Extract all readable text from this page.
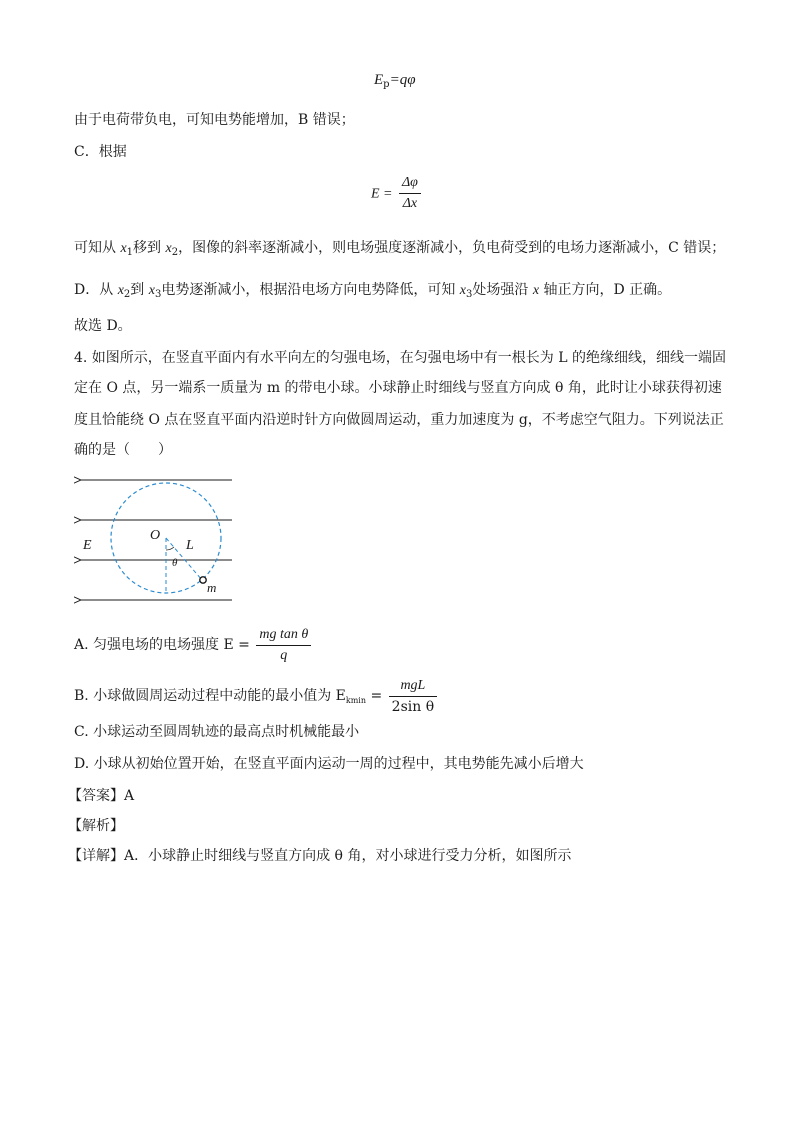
$E_p=q\varphi$
由于电荷带负电，可知电势能增加，B 错误；
C．根据
$E = \frac{\Delta\varphi}{\Delta x}$
可知从 $x_1$移到 $x_2$，图像的斜率逐渐减小，则电场强度逐渐减小，负电荷受到的电场力逐渐减小，C 错误；
D．从 $x_2$到 $x_3$电势逐渐减小，根据沿电场方向电势降低，可知 $x_3$处场强沿 x 轴正方向，D 正确。
故选 D。
4. 如图所示，在竖直平面内有水平向左的匀强电场，在匀强电场中有一根长为 L 的绝缘细线，细线一端固
定在 O 点，另一端系一质量为 m 的带电小球。小球静止时细线与竖直方向成 θ 角，此时让小球获得初速
度且恰能绕 O 点在竖直平面内沿逆时针方向做圆周运动，重力加速度为 g，不考虑空气阻力。下列说法正
确的是（　　）
E
O
L
θ
m
A. 匀强电场的电场强度 $E = \frac{\text{mg tan θ}}{q}$
B. 小球做圆周运动过程中动能的最小值为 $E_{kmin} = \frac{\text{mgL}}{\text{2sin θ}}$
C. 小球运动至圆周轨迹的最高点时机械能最小
D. 小球从初始位置开始，在竖直平面内运动一周的过程中，其电势能先减小后增大
【答案】A
【解析】
【详解】A．小球静止时细线与竖直方向成 θ 角，对小球进行受力分析，如图所示
